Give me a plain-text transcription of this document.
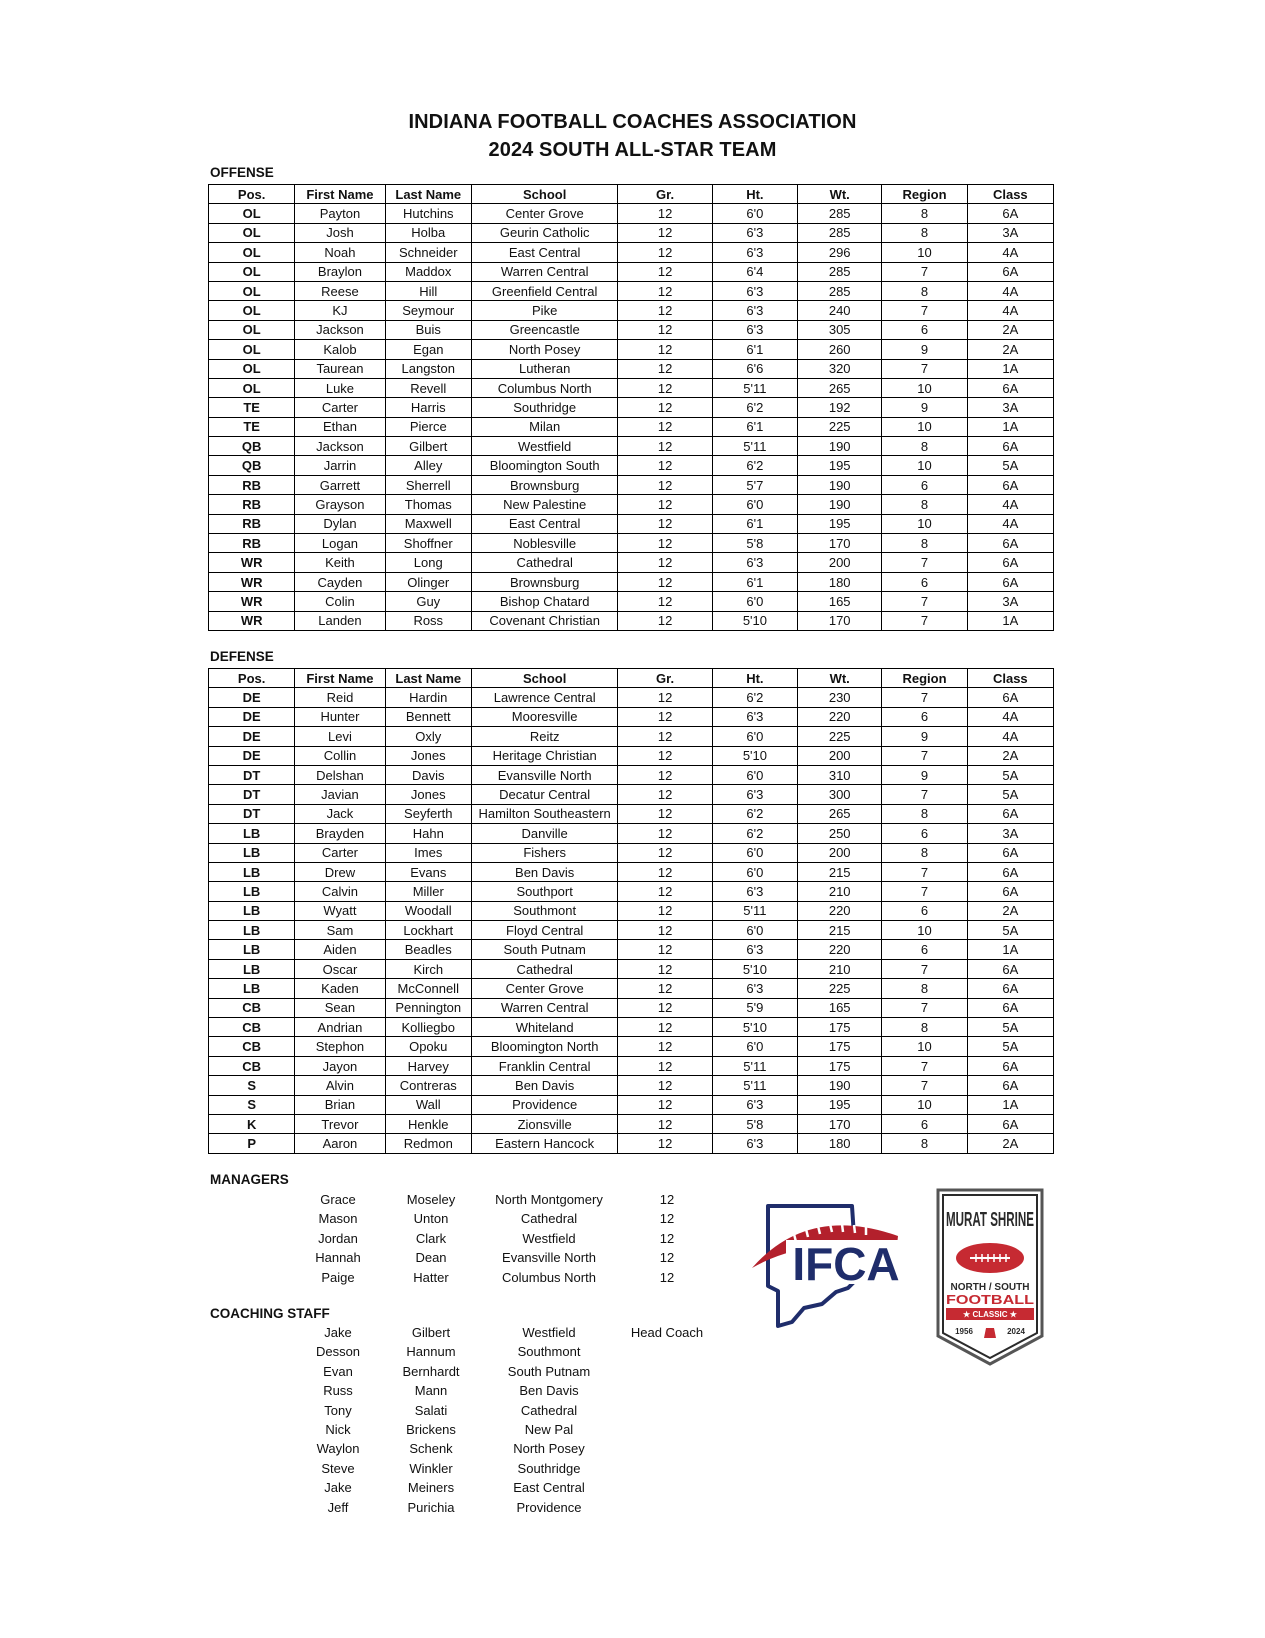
INDIANA FOOTBALL COACHES ASSOCIATION
2024 SOUTH ALL-STAR TEAM
OFFENSE
Pos.	First Name	Last Name	School	Gr.	Ht.	Wt.	Region	Class
OL	Payton	Hutchins	Center Grove	12	6'0	285	8	6A
OL	Josh	Holba	Geurin Catholic	12	6'3	285	8	3A
OL	Noah	Schneider	East Central	12	6'3	296	10	4A
OL	Braylon	Maddox	Warren Central	12	6'4	285	7	6A
OL	Reese	Hill	Greenfield Central	12	6'3	285	8	4A
OL	KJ	Seymour	Pike	12	6'3	240	7	4A
OL	Jackson	Buis	Greencastle	12	6'3	305	6	2A
OL	Kalob	Egan	North Posey	12	6'1	260	9	2A
OL	Taurean	Langston	Lutheran	12	6'6	320	7	1A
OL	Luke	Revell	Columbus North	12	5'11	265	10	6A
TE	Carter	Harris	Southridge	12	6'2	192	9	3A
TE	Ethan	Pierce	Milan	12	6'1	225	10	1A
QB	Jackson	Gilbert	Westfield	12	5'11	190	8	6A
QB	Jarrin	Alley	Bloomington South	12	6'2	195	10	5A
RB	Garrett	Sherrell	Brownsburg	12	5'7	190	6	6A
RB	Grayson	Thomas	New Palestine	12	6'0	190	8	4A
RB	Dylan	Maxwell	East Central	12	6'1	195	10	4A
RB	Logan	Shoffner	Noblesville	12	5'8	170	8	6A
WR	Keith	Long	Cathedral	12	6'3	200	7	6A
WR	Cayden	Olinger	Brownsburg	12	6'1	180	6	6A
WR	Colin	Guy	Bishop Chatard	12	6'0	165	7	3A
WR	Landen	Ross	Covenant Christian	12	5'10	170	7	1A
DEFENSE
Pos.	First Name	Last Name	School	Gr.	Ht.	Wt.	Region	Class
DE	Reid	Hardin	Lawrence Central	12	6'2	230	7	6A
DE	Hunter	Bennett	Mooresville	12	6'3	220	6	4A
DE	Levi	Oxly	Reitz	12	6'0	225	9	4A
DE	Collin	Jones	Heritage Christian	12	5'10	200	7	2A
DT	Delshan	Davis	Evansville North	12	6'0	310	9	5A
DT	Javian	Jones	Decatur Central	12	6'3	300	7	5A
DT	Jack	Seyferth	Hamilton Southeastern	12	6'2	265	8	6A
LB	Brayden	Hahn	Danville	12	6'2	250	6	3A
LB	Carter	Imes	Fishers	12	6'0	200	8	6A
LB	Drew	Evans	Ben Davis	12	6'0	215	7	6A
LB	Calvin	Miller	Southport	12	6'3	210	7	6A
LB	Wyatt	Woodall	Southmont	12	5'11	220	6	2A
LB	Sam	Lockhart	Floyd Central	12	6'0	215	10	5A
LB	Aiden	Beadles	South Putnam	12	6'3	220	6	1A
LB	Oscar	Kirch	Cathedral	12	5'10	210	7	6A
LB	Kaden	McConnell	Center Grove	12	6'3	225	8	6A
CB	Sean	Pennington	Warren Central	12	5'9	165	7	6A
CB	Andrian	Kolliegbo	Whiteland	12	5'10	175	8	5A
CB	Stephon	Opoku	Bloomington North	12	6'0	175	10	5A
CB	Jayon	Harvey	Franklin Central	12	5'11	175	7	6A
S	Alvin	Contreras	Ben Davis	12	5'11	190	7	6A
S	Brian	Wall	Providence	12	6'3	195	10	1A
K	Trevor	Henkle	Zionsville	12	5'8	170	6	6A
P	Aaron	Redmon	Eastern Hancock	12	6'3	180	8	2A
MANAGERS
Grace	Moseley	North Montgomery	12
Mason	Unton	Cathedral	12
Jordan	Clark	Westfield	12
Hannah	Dean	Evansville North	12
Paige	Hatter	Columbus North	12
COACHING STAFF
Jake	Gilbert	Westfield	Head Coach
Desson	Hannum	Southmont
Evan	Bernhardt	South Putnam
Russ	Mann	Ben Davis
Tony	Salati	Cathedral
Nick	Brickens	New Pal
Waylon	Schenk	North Posey
Steve	Winkler	Southridge
Jake	Meiners	East Central
Jeff	Purichia	Providence
IFCA
MURAT SHRINE
NORTH / SOUTH
FOOTBALL
★ CLASSIC ★
1956	2024
